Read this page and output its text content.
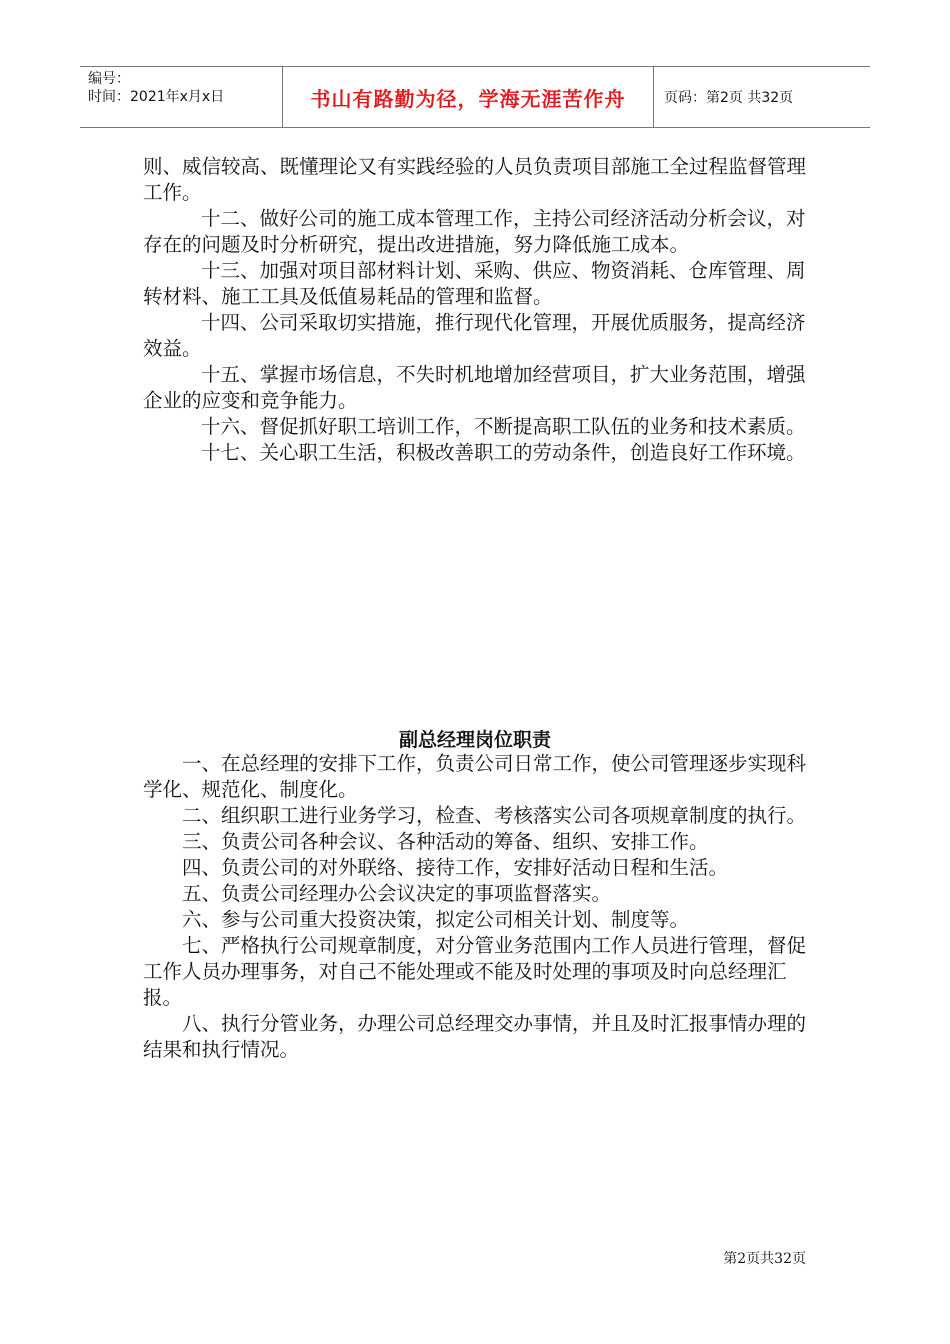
编号：
时间：2021年x月x日	书山有路勤为径，学海无涯苦作舟	页码：第2页 共32页

则、威信较高、既懂理论又有实践经验的人员负责项目部施工全过程监督管理工作。

十二、做好公司的施工成本管理工作，主持公司经济活动分析会议，对存在的问题及时分析研究，提出改进措施，努力降低施工成本。

十三、加强对项目部材料计划、采购、供应、物资消耗、仓库管理、周转材料、施工工具及低值易耗品的管理和监督。

十四、公司采取切实措施，推行现代化管理，开展优质服务，提高经济效益。

十五、掌握市场信息，不失时机地增加经营项目，扩大业务范围，增强企业的应变和竞争能力。

十六、督促抓好职工培训工作，不断提高职工队伍的业务和技术素质。

十七、关心职工生活，积极改善职工的劳动条件，创造良好工作环境。

副总经理岗位职责

一、在总经理的安排下工作，负责公司日常工作，使公司管理逐步实现科学化、规范化、制度化。

二、组织职工进行业务学习，检查、考核落实公司各项规章制度的执行。

三、负责公司各种会议、各种活动的筹备、组织、安排工作。

四、负责公司的对外联络、接待工作，安排好活动日程和生活。

五、负责公司经理办公会议决定的事项监督落实。

六、参与公司重大投资决策，拟定公司相关计划、制度等。

七、严格执行公司规章制度，对分管业务范围内工作人员进行管理，督促工作人员办理事务，对自己不能处理或不能及时处理的事项及时向总经理汇报。

八、执行分管业务，办理公司总经理交办事情，并且及时汇报事情办理的结果和执行情况。

第2页共32页
